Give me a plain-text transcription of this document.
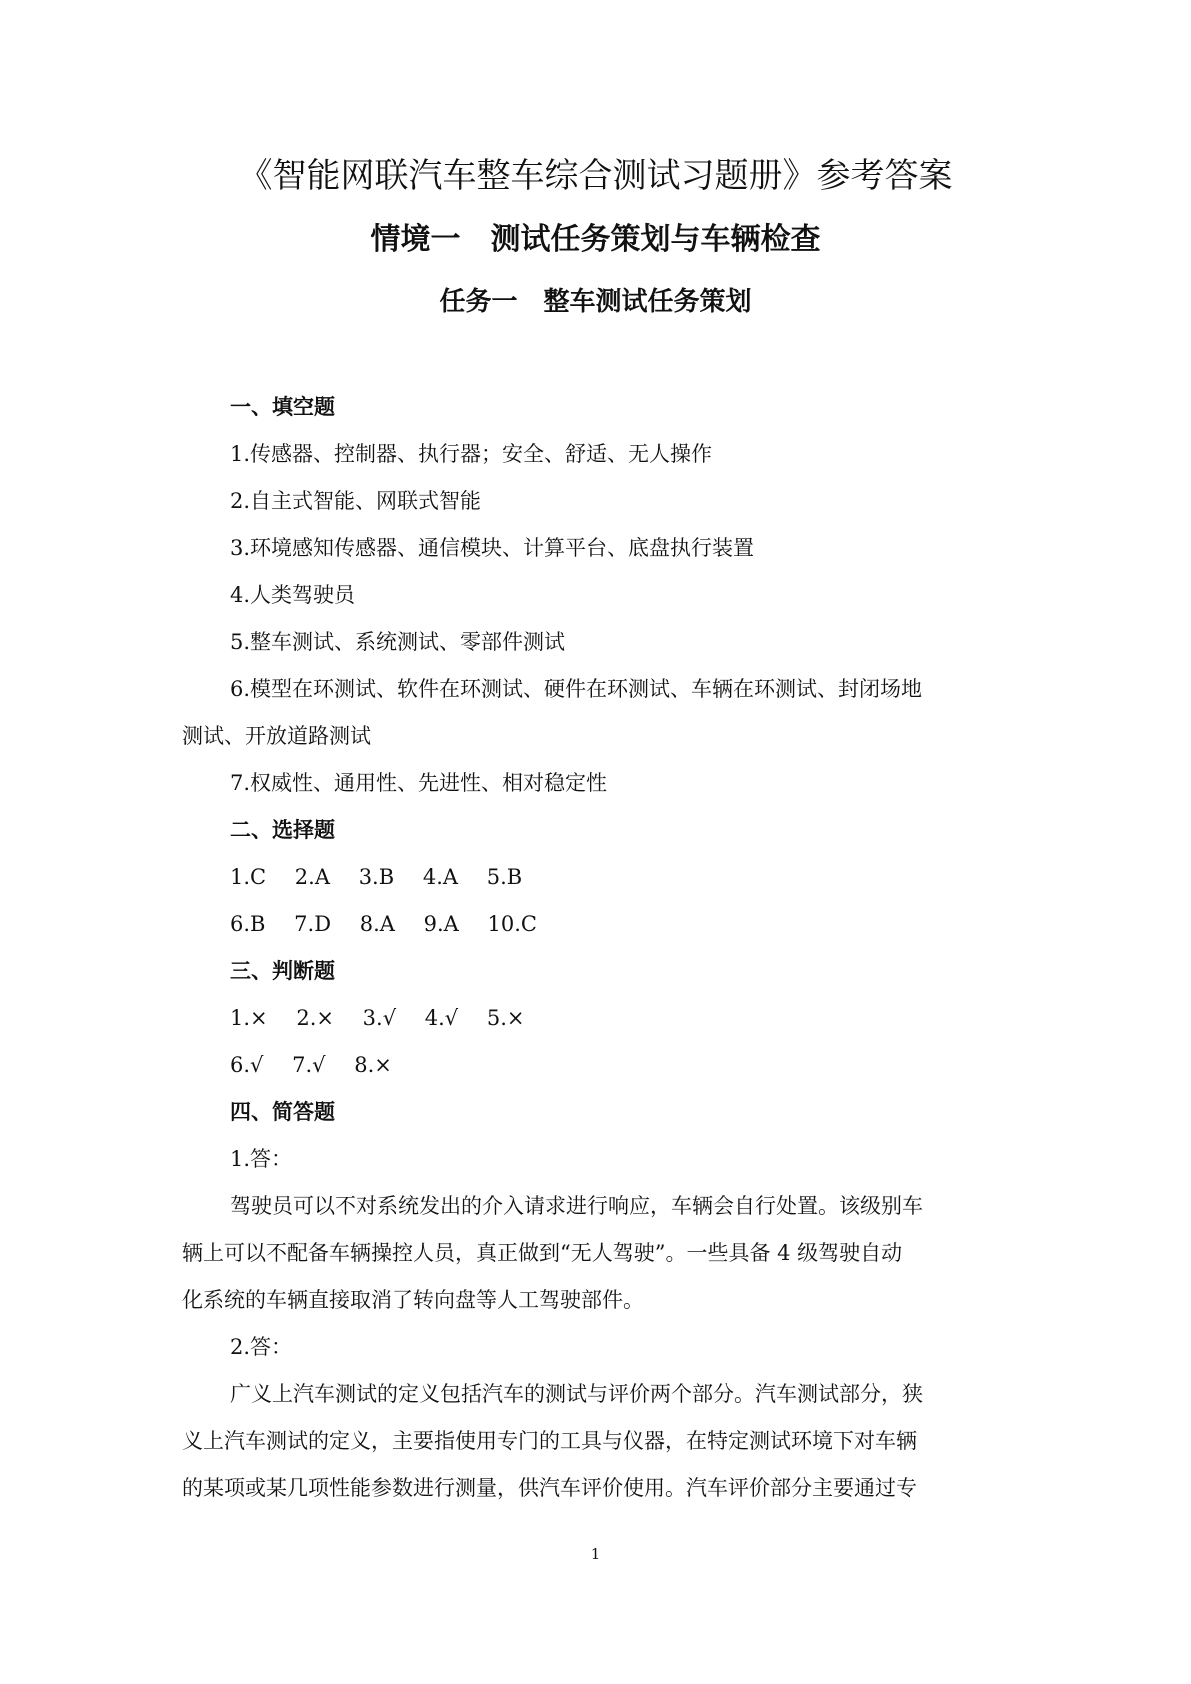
《智能网联汽车整车综合测试习题册》参考答案
情境一　测试任务策划与车辆检查
任务一　整车测试任务策划
一、填空题
1.传感器、控制器、执行器；安全、舒适、无人操作
2.自主式智能、网联式智能
3.环境感知传感器、通信模块、计算平台、底盘执行装置
4.人类驾驶员
5.整车测试、系统测试、零部件测试
6.模型在环测试、软件在环测试、硬件在环测试、车辆在环测试、封闭场地
测试、开放道路测试
7.权威性、通用性、先进性、相对稳定性
二、选择题
1.C 2.A 3.B 4.A 5.B
6.B 7.D 8.A 9.A 10.C
三、判断题
1.× 2.× 3.√ 4.√ 5.×
6.√ 7.√ 8.×
四、简答题
1.答：
驾驶员可以不对系统发出的介入请求进行响应，车辆会自行处置。该级别车
辆上可以不配备车辆操控人员，真正做到“无人驾驶”。一些具备 4 级驾驶自动
化系统的车辆直接取消了转向盘等人工驾驶部件。
2.答：
广义上汽车测试的定义包括汽车的测试与评价两个部分。汽车测试部分，狭
义上汽车测试的定义，主要指使用专门的工具与仪器，在特定测试环境下对车辆
的某项或某几项性能参数进行测量，供汽车评价使用。汽车评价部分主要通过专
1
